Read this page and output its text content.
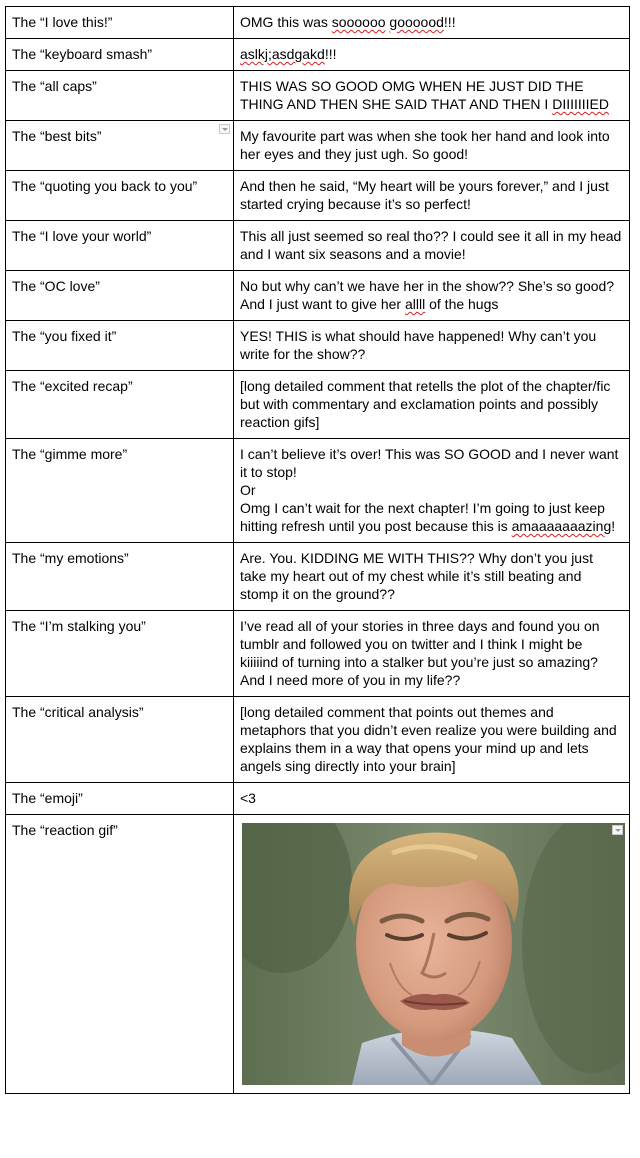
The “I love this!”	OMG this was soooooo goooood!!!

The “keyboard smash”	aslkj;asdgakd!!!

The “all caps”	THIS WAS SO GOOD OMG WHEN HE JUST DID THE THING AND THEN SHE SAID THAT AND THEN I DIIIIIIIED

The “best bits”	My favourite part was when she took her hand and look into her eyes and they just ugh. So good!

The “quoting you back to you”	And then he said, “My heart will be yours forever,” and I just started crying because it’s so perfect!

The “I love your world”	This all just seemed so real tho?? I could see it all in my head and I want six seasons and a movie!

The “OC love”	No but why can’t we have her in the show?? She’s so good? And I just want to give her allll of the hugs

The “you fixed it”	YES! THIS is what should have happened! Why can’t you write for the show??

The “excited recap”	[long detailed comment that retells the plot of the chapter/fic but with commentary and exclamation points and possibly reaction gifs]

The “gimme more”	I can’t believe it’s over! This was SO GOOD and I never want it to stop!
Or
Omg I can’t wait for the next chapter! I’m going to just keep hitting refresh until you post because this is amaaaaaaazing!

The “my emotions”	Are. You. KIDDING ME WITH THIS?? Why don’t you just take my heart out of my chest while it’s still beating and stomp it on the ground??

The “I’m stalking you”	I’ve read all of your stories in three days and found you on tumblr and followed you on twitter and I think I might be kiiiiind of turning into a stalker but you’re just so amazing? And I need more of you in my life??

The “critical analysis”	[long detailed comment that points out themes and metaphors that you didn’t even realize you were building and explains them in a way that opens your mind up and lets angels sing directly into your brain]

The “emoji”	<3

The “reaction gif”	
